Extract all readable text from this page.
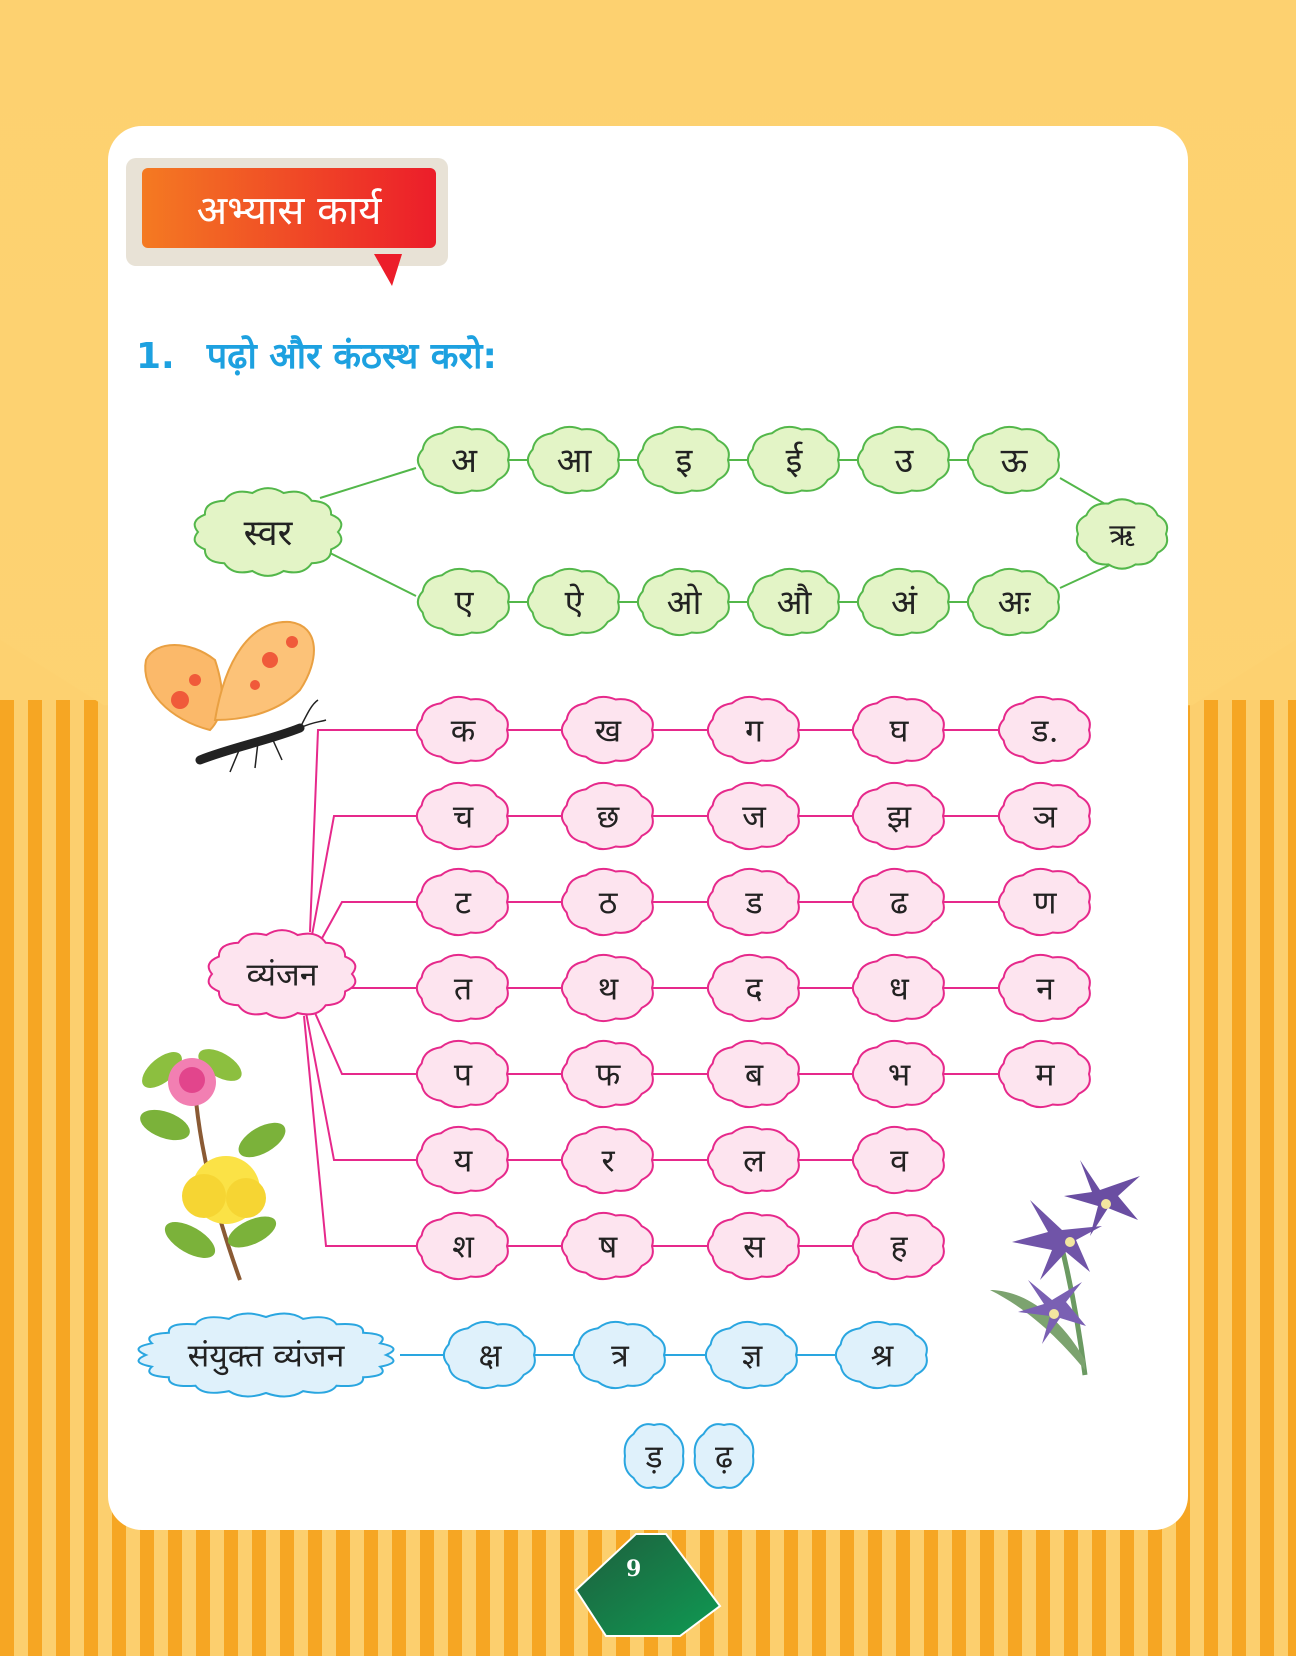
अभ्यास कार्य
1. पढ़ो और कंठस्थ करो:
स्वर
अ आ इ	ई	उ	ऊ
ऋ
ए	ऐ ओ औ अं अः
व्यंजन
क	ख	ग	घ	ड.
च	छ	ज	झ	ञ
ट	ठ	ड	ढ	ण
त	थ	द	ध	न
प	फ	ब	भ	म
य	र	ल	व
श	ष	स	ह
संयुक्त व्यंजन	क्ष	त्र	ज्ञ	श्र
ड़ ढ़
9
